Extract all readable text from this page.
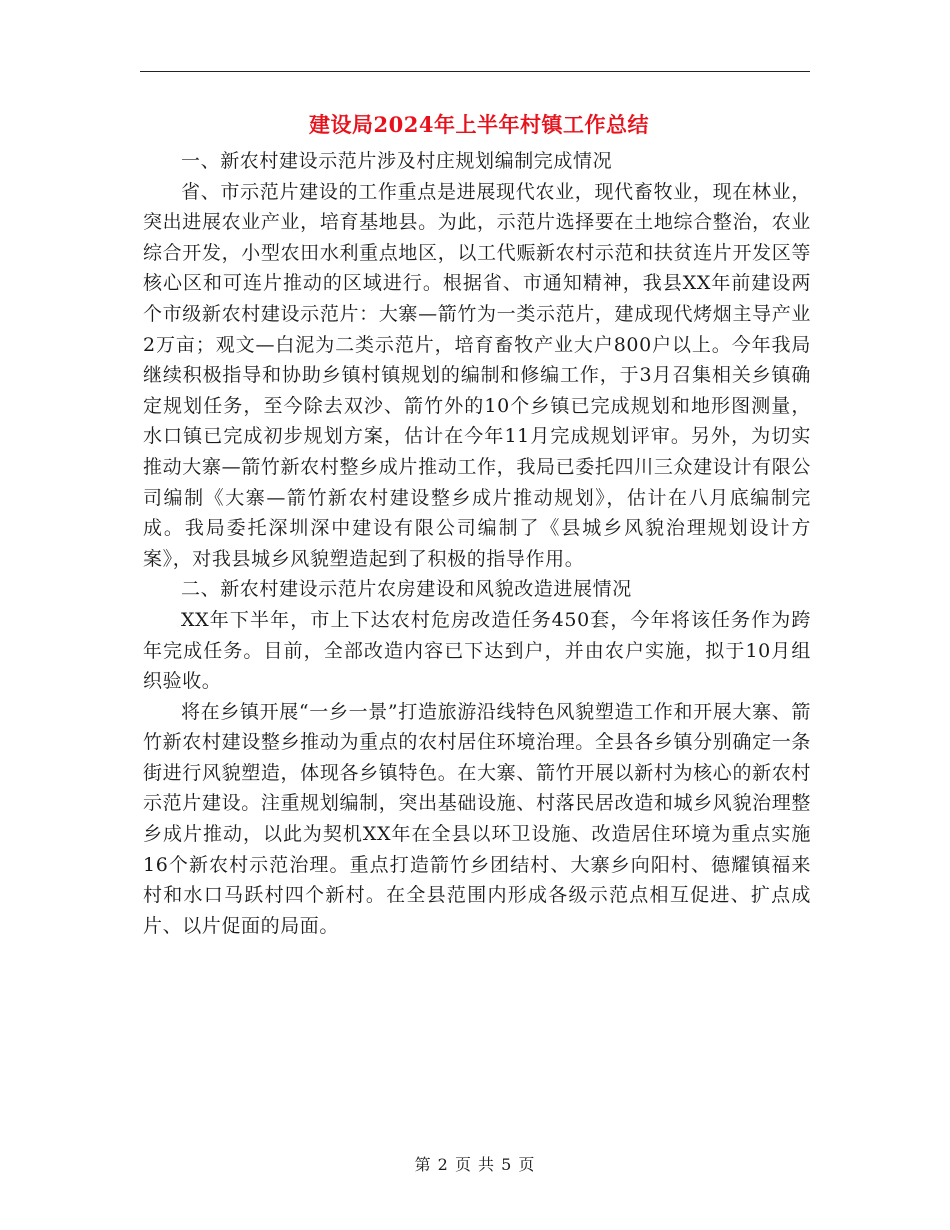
建设局2024年上半年村镇工作总结

一、新农村建设示范片涉及村庄规划编制完成情况

省、市示范片建设的工作重点是进展现代农业，现代畜牧业，现在林业，突出进展农业产业，培育基地县。为此，示范片选择要在土地综合整治，农业综合开发，小型农田水利重点地区，以工代赈新农村示范和扶贫连片开发区等核心区和可连片推动的区域进行。根据省、市通知精神，我县XX年前建设两个市级新农村建设示范片：大寨—箭竹为一类示范片，建成现代烤烟主导产业2万亩；观文—白泥为二类示范片，培育畜牧产业大户800户以上。今年我局继续积极指导和协助乡镇村镇规划的编制和修编工作，于3月召集相关乡镇确定规划任务，至今除去双沙、箭竹外的10个乡镇已完成规划和地形图测量，水口镇已完成初步规划方案，估计在今年11月完成规划评审。另外，为切实推动大寨—箭竹新农村整乡成片推动工作，我局已委托四川三众建设计有限公司编制《大寨—箭竹新农村建设整乡成片推动规划》，估计在八月底编制完成。我局委托深圳深中建设有限公司编制了《县城乡风貌治理规划设计方案》，对我县城乡风貌塑造起到了积极的指导作用。

二、新农村建设示范片农房建设和风貌改造进展情况

XX年下半年，市上下达农村危房改造任务450套，今年将该任务作为跨年完成任务。目前，全部改造内容已下达到户，并由农户实施，拟于10月组织验收。

将在乡镇开展“一乡一景”打造旅游沿线特色风貌塑造工作和开展大寨、箭竹新农村建设整乡推动为重点的农村居住环境治理。全县各乡镇分别确定一条街进行风貌塑造，体现各乡镇特色。在大寨、箭竹开展以新村为核心的新农村示范片建设。注重规划编制，突出基础设施、村落民居改造和城乡风貌治理整乡成片推动，以此为契机XX年在全县以环卫设施、改造居住环境为重点实施16个新农村示范治理。重点打造箭竹乡团结村、大寨乡向阳村、德耀镇福来村和水口马跃村四个新村。在全县范围内形成各级示范点相互促进、扩点成片、以片促面的局面。

第 2 页 共 5 页
